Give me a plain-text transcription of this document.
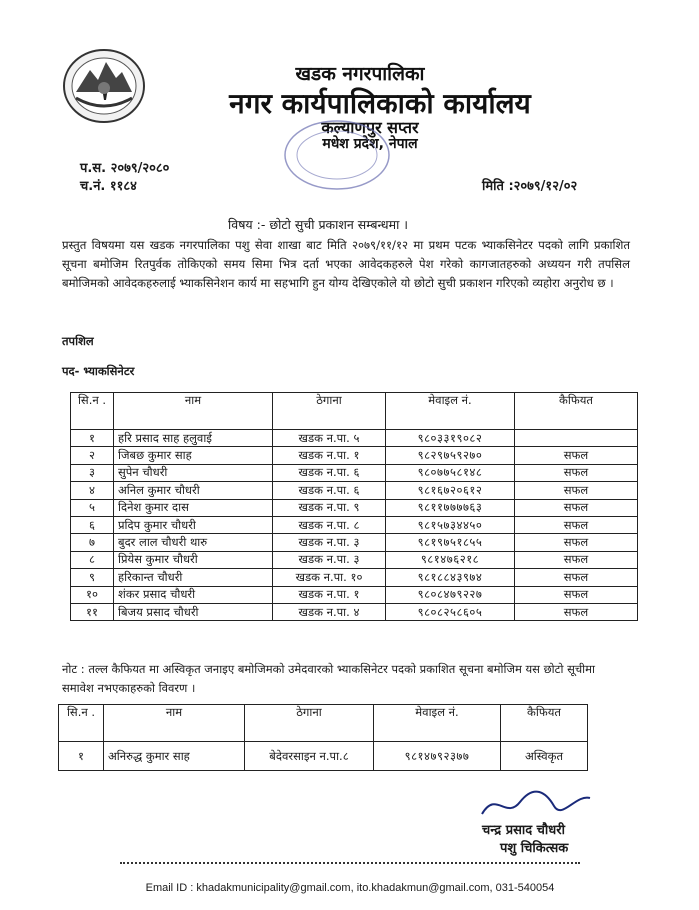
खडक नगरपालिका
नगर कार्यपालिकाको कार्यालय
कल्याणपुर सप्तर
मधेश प्रदेश, नेपाल
प.स. २०७९/२०८०
च.नं. ११८४	मिति :२०७९/१२/०२
विषय :- छोटो सुची प्रकाशन सम्बन्धमा ।
प्रस्तुत विषयमा यस खडक नगरपालिका पशु सेवा शाखा बाट मिति २०७९/११/१२ मा प्रथम पटक भ्याकसिनेटर पदको लागि प्रकाशित सूचना बमोजिम रितपुर्वक तोकिएको समय सिमा भित्र दर्ता भएका आवेदकहरुले पेश गरेको कागजातहरुको अध्ययन गरी तपसिल बमोजिमको आवेदकहरुलाई भ्याकसिनेशन कार्य मा सहभागि हुन योग्य देखिएकोले यो छोटो सुची प्रकाशन गरिएको व्यहोरा अनुरोध छ ।
तपशिल
पद- भ्याकसिनेटर
सि.न .	नाम	ठेगाना	मेवाइल नं.	कैफियत
१	हरि प्रसाद साह हलुवाई	खडक न.पा. ५	९८०३३१९०८२	
२	जिबछ कुमार साह	खडक न.पा. १	९८२९७५९२७०	सफल
३	सुपेन चौधरी	खडक न.पा. ६	९८०७७५८१४८	सफल
४	अनिल कुमार चौधरी	खडक न.पा. ६	९८१६७२०६१२	सफल
५	दिनेश कुमार दास	खडक न.पा. ९	९८११७७७७६३	सफल
६	प्रदिप कुमार चौधरी	खडक न.पा. ८	९८१५७३४४५०	सफल
७	बुदर लाल चौधरी थारु	खडक न.पा. ३	९८१९७५१८५५	सफल
८	प्रियेस कुमार चौधरी	खडक न.पा. ३	९८१४७६२१८	सफल
९	हरिकान्त चौधरी	खडक न.पा. १०	९८१८८४३९७४	सफल
१०	शंकर प्रसाद चौधरी	खडक न.पा. १	९८०८४७९२२७	सफल
११	बिजय प्रसाद चौधरी	खडक न.पा. ४	९८०८२५८६०५	सफल
नोट : तल्ल कैफियत मा अस्विकृत जनाइए बमोजिमको उमेदवारको भ्याकसिनेटर पदको प्रकाशित सूचना बमोजिम यस छोटो सूचीमा समावेश नभएकाहरुको विवरण ।
सि.न .	नाम	ठेगाना	मेवाइल नं.	कैफियत
१	अनिरुद्ध कुमार साह	बेदेवरसाइन न.पा.८	९८१४७९२३७७	अस्विकृत
चन्द्र प्रसाद चौधरी
पशु चिकित्सक
Email ID : khadakmunicipality@gmail.com, ito.khadakmun@gmail.com, 031-540054
